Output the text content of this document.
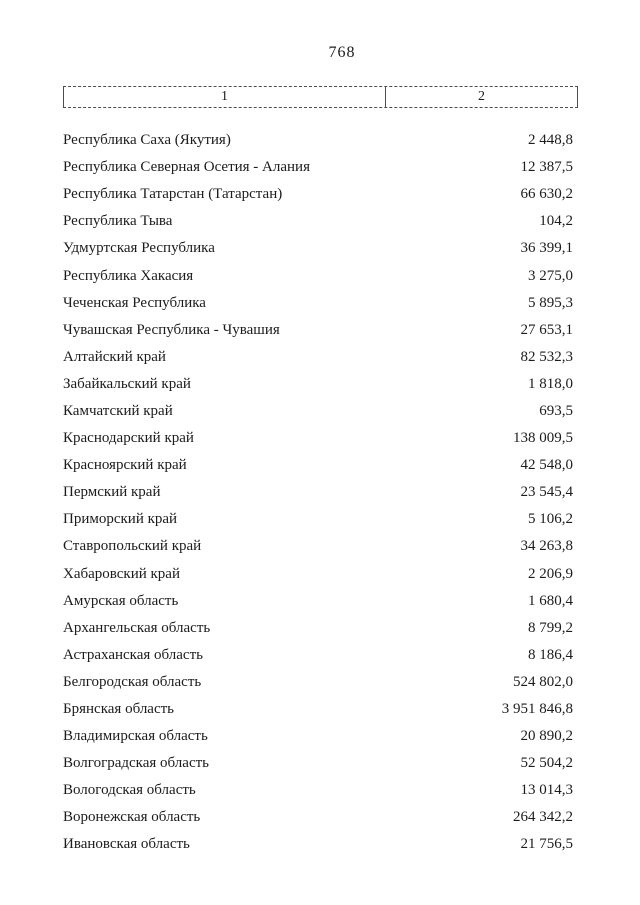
768
1	2
Республика Саха (Якутия)	2 448,8
Республика Северная Осетия - Алания	12 387,5
Республика Татарстан (Татарстан)	66 630,2
Республика Тыва	104,2
Удмуртская Республика	36 399,1
Республика Хакасия	3 275,0
Чеченская Республика	5 895,3
Чувашская Республика - Чувашия	27 653,1
Алтайский край	82 532,3
Забайкальский край	1 818,0
Камчатский край	693,5
Краснодарский край	138 009,5
Красноярский край	42 548,0
Пермский край	23 545,4
Приморский край	5 106,2
Ставропольский край	34 263,8
Хабаровский край	2 206,9
Амурская область	1 680,4
Архангельская область	8 799,2
Астраханская область	8 186,4
Белгородская область	524 802,0
Брянская область	3 951 846,8
Владимирская область	20 890,2
Волгоградская область	52 504,2
Вологодская область	13 014,3
Воронежская область	264 342,2
Ивановская область	21 756,5
